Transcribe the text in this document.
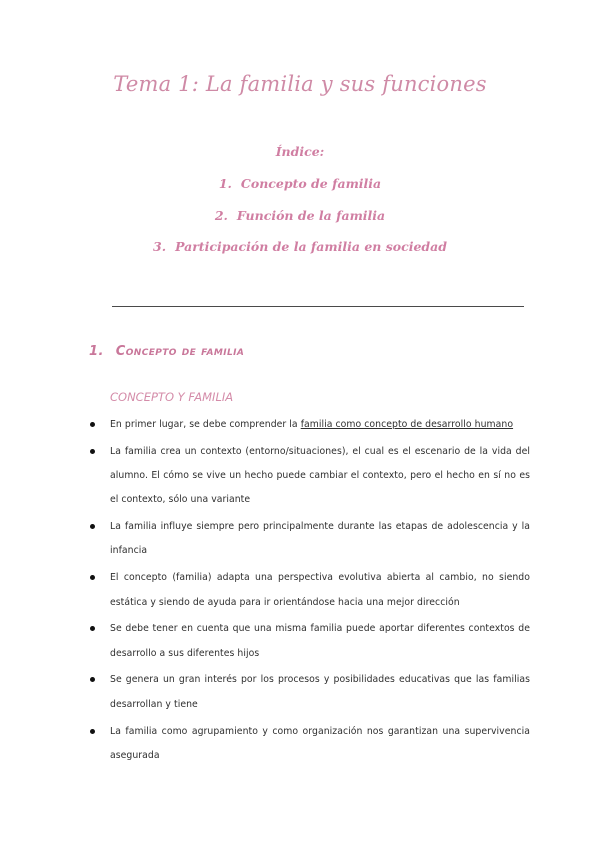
Tema 1: La familia y sus funciones
Índice:
1. Concepto de familia
2. Función de la familia
3. Participación de la familia en sociedad
1. Concepto de familia
CONCEPTO Y FAMILIA
En primer lugar, se debe comprender la familia como concepto de desarrollo humano
La familia crea un contexto (entorno/situaciones), el cual es el escenario de la vida del alumno. El cómo se vive un hecho puede cambiar el contexto, pero el hecho en sí no es el contexto, sólo una variante
La familia influye siempre pero principalmente durante las etapas de adolescencia y la infancia
El concepto (familia) adapta una perspectiva evolutiva abierta al cambio, no siendo estática y siendo de ayuda para ir orientándose hacia una mejor dirección
Se debe tener en cuenta que una misma familia puede aportar diferentes contextos de desarrollo a sus diferentes hijos
Se genera un gran interés por los procesos y posibilidades educativas que las familias desarrollan y tiene
La familia como agrupamiento y como organización nos garantizan una supervivencia asegurada
